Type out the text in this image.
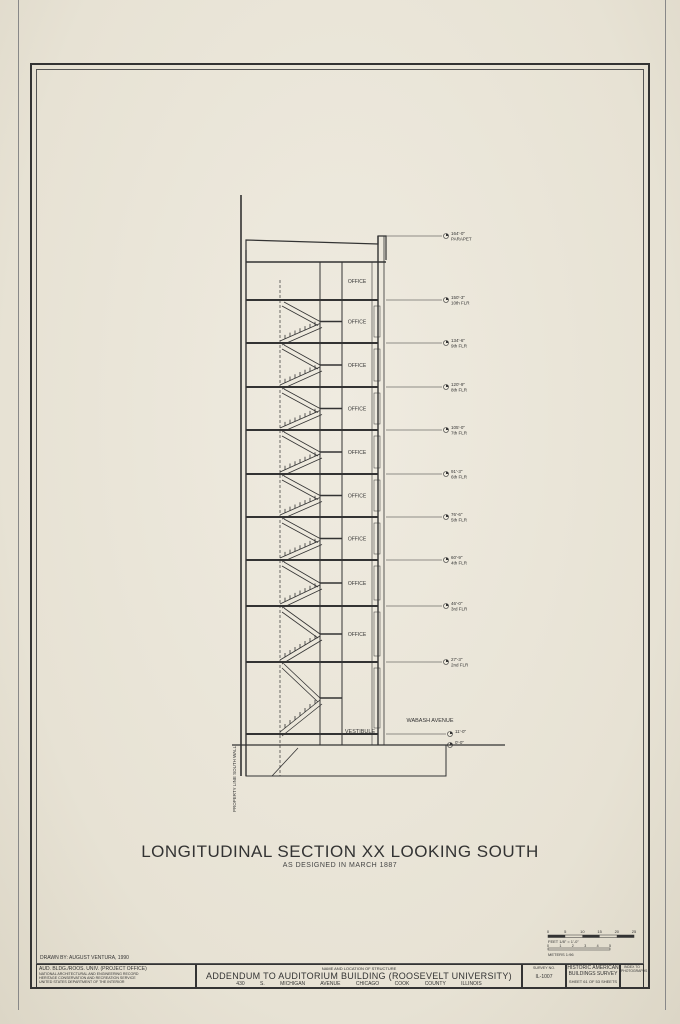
164'-0"
PARAPET
150'-3"
10th FLR
134'-6"
9th FLR
120'-9"
8th FLR
105'-0"
7th FLR
91'-3"
6th FLR
76'-6"
5th FLR
60'-9"
4th FLR
46'-0"
3rd FLR
27'-3"
2nd FLR
11'-0"
0'-0"
OFFICE
OFFICE
OFFICE
OFFICE
OFFICE
OFFICE
OFFICE
OFFICE
OFFICE
VESTIBULE
WABASH AVENUE
PROPERTY LINE SOUTH WALL
LONGITUDINAL SECTION XX LOOKING SOUTH
AS DESIGNED IN MARCH 1887
0	5	10	15	20	25
FEET 1/8" = 1'-0"
0	1	2	3	4	5
METERS 1:96
DRAWN BY: AUGUST VENTURA, 1990
AUD. BLDG./ROOS. UNIV. (PROJECT OFFICE)
NATIONAL ARCHITECTURAL AND ENGINEERING RECORD
HERITAGE CONSERVATION AND RECREATION SERVICE
UNITED STATES DEPARTMENT OF THE INTERIOR
NAME AND LOCATION OF STRUCTURE
ADDENDUM TO AUDITORIUM BUILDING (ROOSEVELT UNIVERSITY)
430 S. MICHIGAN AVENUE	CHICAGO	COOK COUNTY	ILLINOIS
SURVEY NO.
IL-1007
HISTORIC AMERICAN
BUILDINGS SURVEY
SHEET 61 OF 53 SHEETS
INDEX TO PHOTOGRAPHS
